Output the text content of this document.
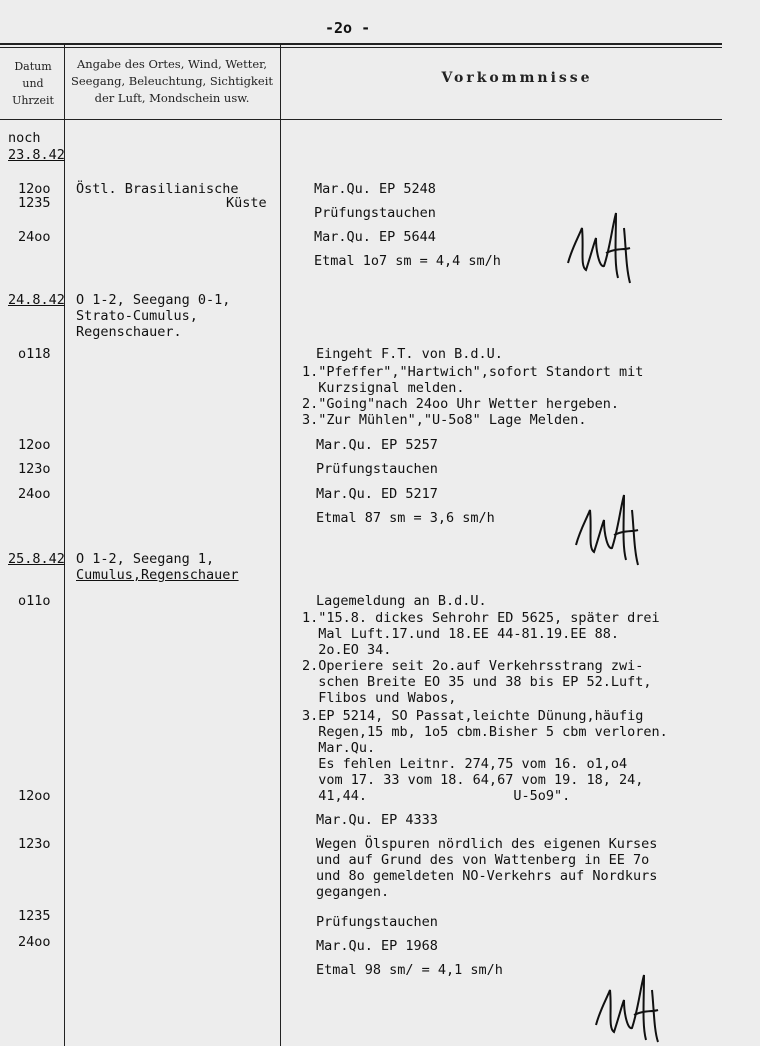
-2o -
Datum
und
Uhrzeit
Angabe des Ortes, Wind, Wetter,
Seegang, Beleuchtung, Sichtigkeit
der Luft, Mondschein usw.
Vorkommnisse
noch
23.8.42
12oo
1235
24oo
24.8.42
o118
12oo
123o
24oo
25.8.42
o11o
12oo
123o
1235
24oo
Östl. Brasilianische
Küste
O 1-2, Seegang 0-1,
Strato-Cumulus,
Regenschauer.
O 1-2, Seegang 1,
Cumulus,Regenschauer
Mar.Qu. EP 5248
Prüfungstauchen
Mar.Qu. EP 5644
Etmal 1o7 sm = 4,4 sm/h
Eingeht F.T. von B.d.U.
1."Pfeffer","Hartwich",sofort Standort mit
Kurzsignal melden.
2."Going"nach 24oo Uhr Wetter hergeben.
3."Zur Mühlen","U-5o8" Lage Melden.
Mar.Qu. EP 5257
Prüfungstauchen
Mar.Qu. ED 5217
Etmal 87 sm = 3,6 sm/h
Lagemeldung an B.d.U.
1."15.8. dickes Sehrohr ED 5625, später drei
Mal Luft.17.und 18.EE 44-81.19.EE 88.
2o.EO 34.
2.Operiere seit 2o.auf Verkehrsstrang zwi-
schen Breite EO 35 und 38 bis EP 52.Luft,
Flibos und Wabos,
3.EP 5214, SO Passat,leichte Dünung,häufig
Regen,15 mb, 1o5 cbm.Bisher 5 cbm verloren.
Mar.Qu.
Es fehlen Leitnr. 274,75 vom 16. o1,o4
vom 17. 33 vom 18. 64,67 vom 19. 18, 24,
41,44.                  U-5o9".
Mar.Qu. EP 4333
Wegen Ölspuren nördlich des eigenen Kurses
und auf Grund des von Wattenberg in EE 7o
und 8o gemeldeten NO-Verkehrs auf Nordkurs
gegangen.
Prüfungstauchen
Mar.Qu. EP 1968
Etmal 98 sm/ = 4,1 sm/h
